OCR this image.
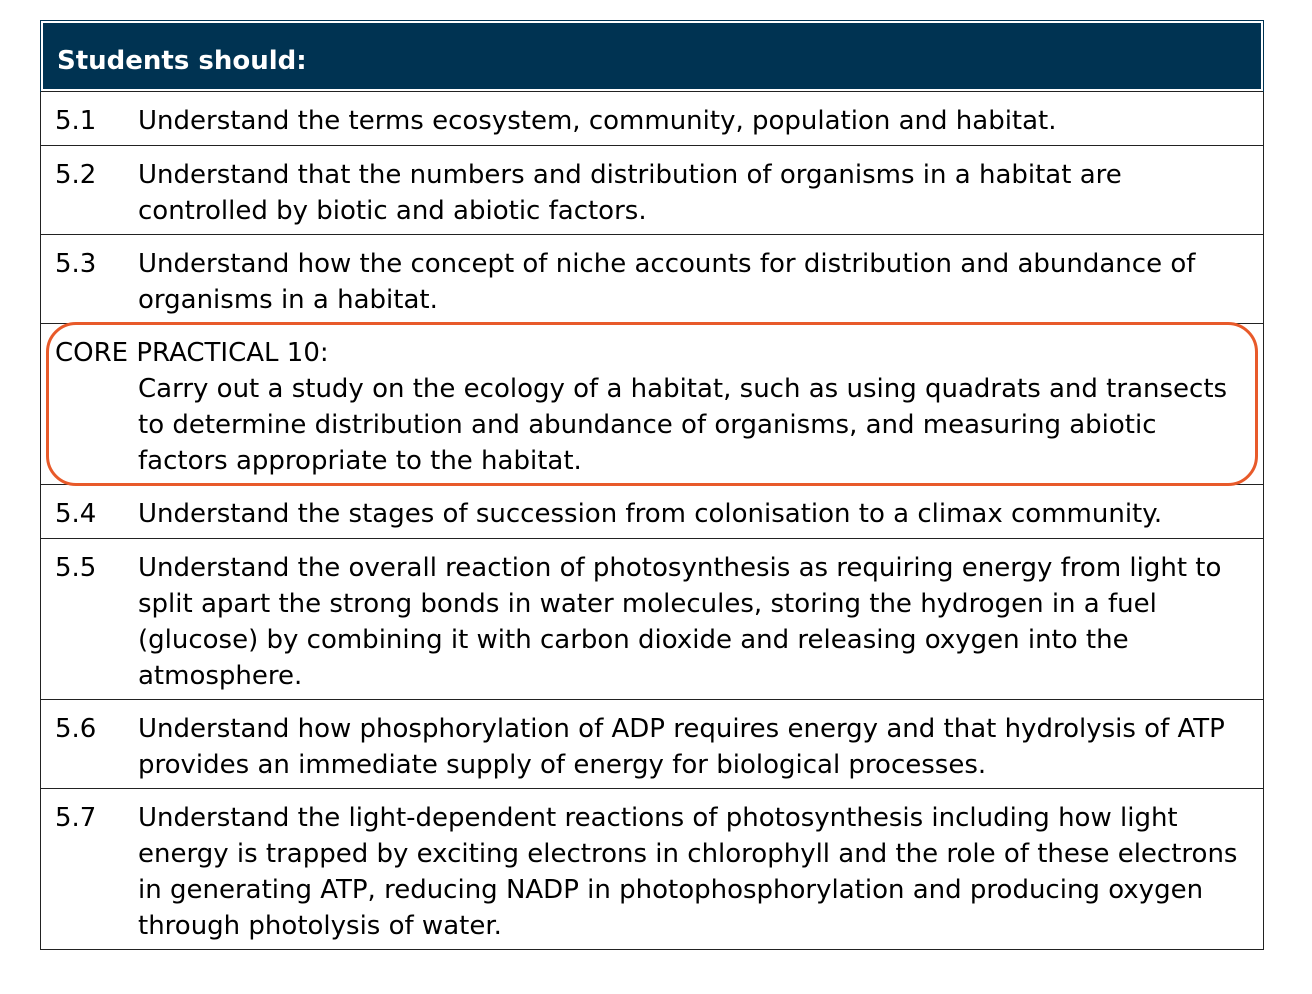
Students should:
5.1 Understand the terms ecosystem, community, population and habitat.
5.2 Understand that the numbers and distribution of organisms in a habitat are controlled by biotic and abiotic factors.
5.3 Understand how the concept of niche accounts for distribution and abundance of organisms in a habitat.
CORE PRACTICAL 10:
Carry out a study on the ecology of a habitat, such as using quadrats and transects to determine distribution and abundance of organisms, and measuring abiotic factors appropriate to the habitat.
5.4 Understand the stages of succession from colonisation to a climax community.
5.5 Understand the overall reaction of photosynthesis as requiring energy from light to split apart the strong bonds in water molecules, storing the hydrogen in a fuel (glucose) by combining it with carbon dioxide and releasing oxygen into the atmosphere.
5.6 Understand how phosphorylation of ADP requires energy and that hydrolysis of ATP provides an immediate supply of energy for biological processes.
5.7 Understand the light-dependent reactions of photosynthesis including how light energy is trapped by exciting electrons in chlorophyll and the role of these electrons in generating ATP, reducing NADP in photophosphorylation and producing oxygen through photolysis of water.
